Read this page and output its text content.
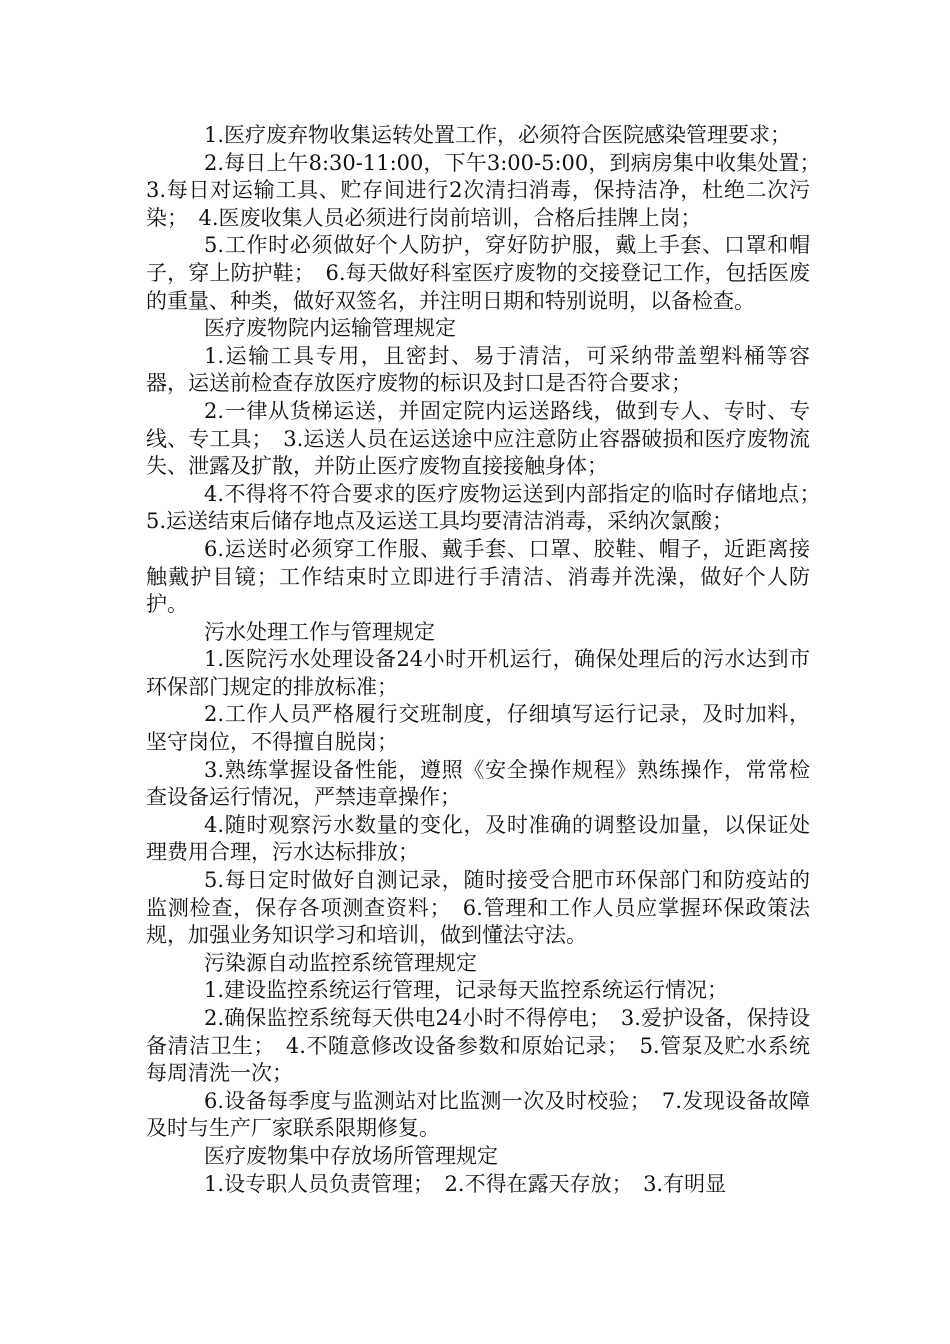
1.医疗废弃物收集运转处置工作，必须符合医院感染管理要求；

2.每日上午8:30-11:00，下午3:00-5:00，到病房集中收集处置；　3.每日对运输工具、贮存间进行2次清扫消毒，保持洁净，杜绝二次污染；　4.医废收集人员必须进行岗前培训，合格后挂牌上岗；

5.工作时必须做好个人防护，穿好防护服，戴上手套、口罩和帽子，穿上防护鞋；　6.每天做好科室医疗废物的交接登记工作，包括医废的重量、种类，做好双签名，并注明日期和特别说明，以备检查。

医疗废物院内运输管理规定

1.运输工具专用，且密封、易于清洁，可采纳带盖塑料桶等容器，运送前检查存放医疗废物的标识及封口是否符合要求；

2.一律从货梯运送，并固定院内运送路线，做到专人、专时、专线、专工具；　3.运送人员在运送途中应注意防止容器破损和医疗废物流失、泄露及扩散，并防止医疗废物直接接触身体；

4.不得将不符合要求的医疗废物运送到内部指定的临时存储地点；　5.运送结束后储存地点及运送工具均要清洁消毒，采纳次氯酸；

6.运送时必须穿工作服、戴手套、口罩、胶鞋、帽子，近距离接触戴护目镜；工作结束时立即进行手清洁、消毒并洗澡，做好个人防护。

污水处理工作与管理规定

1.医院污水处理设备24小时开机运行，确保处理后的污水达到市环保部门规定的排放标准；

2.工作人员严格履行交班制度，仔细填写运行记录，及时加料，坚守岗位，不得擅自脱岗；

3.熟练掌握设备性能，遵照《安全操作规程》熟练操作，常常检查设备运行情况，严禁违章操作；

4.随时观察污水数量的变化，及时准确的调整设加量，以保证处理费用合理，污水达标排放；

5.每日定时做好自测记录，随时接受合肥市环保部门和防疫站的监测检查，保存各项测查资料；　6.管理和工作人员应掌握环保政策法规，加强业务知识学习和培训，做到懂法守法。

污染源自动监控系统管理规定

1.建设监控系统运行管理，记录每天监控系统运行情况；

2.确保监控系统每天供电24小时不得停电；　3.爱护设备，保持设备清洁卫生；　4.不随意修改设备参数和原始记录；　5.管泵及贮水系统每周清洗一次；

6.设备每季度与监测站对比监测一次及时校验；　7.发现设备故障及时与生产厂家联系限期修复。

医疗废物集中存放场所管理规定

1.设专职人员负责管理；　2.不得在露天存放；　3.有明显
